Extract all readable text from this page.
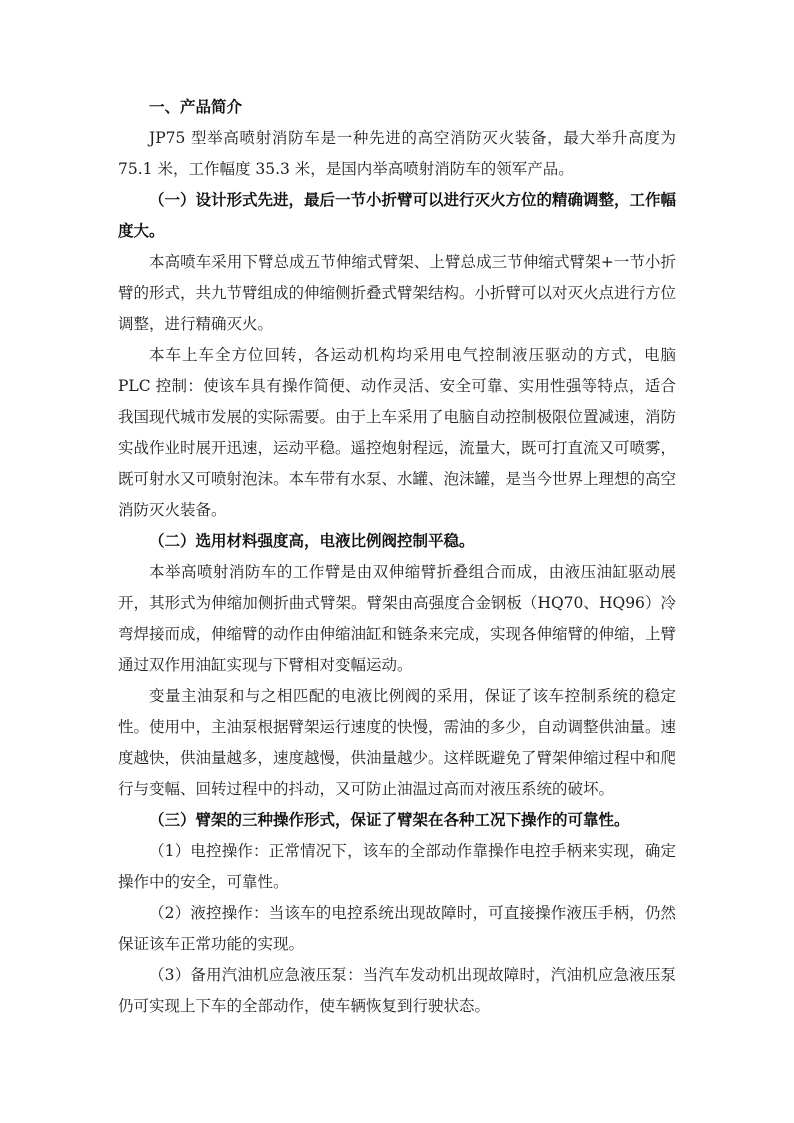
一、产品简介

JP75 型举高喷射消防车是一种先进的高空消防灭火装备，最大举升高度为 75.1 米，工作幅度 35.3 米，是国内举高喷射消防车的领军产品。

（一）设计形式先进，最后一节小折臂可以进行灭火方位的精确调整，工作幅度大。

本高喷车采用下臂总成五节伸缩式臂架、上臂总成三节伸缩式臂架+一节小折臂的形式，共九节臂组成的伸缩侧折叠式臂架结构。小折臂可以对灭火点进行方位调整，进行精确灭火。

本车上车全方位回转，各运动机构均采用电气控制液压驱动的方式，电脑 PLC 控制：使该车具有操作简便、动作灵活、安全可靠、实用性强等特点，适合我国现代城市发展的实际需要。由于上车采用了电脑自动控制极限位置减速，消防实战作业时展开迅速，运动平稳。遥控炮射程远，流量大，既可打直流又可喷雾，既可射水又可喷射泡沫。本车带有水泵、水罐、泡沫罐，是当今世界上理想的高空消防灭火装备。

（二）选用材料强度高，电液比例阀控制平稳。

本举高喷射消防车的工作臂是由双伸缩臂折叠组合而成，由液压油缸驱动展开，其形式为伸缩加侧折曲式臂架。臂架由高强度合金钢板（HQ70、HQ96）冷弯焊接而成，伸缩臂的动作由伸缩油缸和链条来完成，实现各伸缩臂的伸缩，上臂通过双作用油缸实现与下臂相对变幅运动。

变量主油泵和与之相匹配的电液比例阀的采用，保证了该车控制系统的稳定性。使用中，主油泵根据臂架运行速度的快慢，需油的多少，自动调整供油量。速度越快，供油量越多，速度越慢，供油量越少。这样既避免了臂架伸缩过程中和爬行与变幅、回转过程中的抖动，又可防止油温过高而对液压系统的破坏。

（三）臂架的三种操作形式，保证了臂架在各种工况下操作的可靠性。

（1）电控操作：正常情况下，该车的全部动作靠操作电控手柄来实现，确定操作中的安全，可靠性。

（2）液控操作：当该车的电控系统出现故障时，可直接操作液压手柄，仍然保证该车正常功能的实现。

（3）备用汽油机应急液压泵：当汽车发动机出现故障时，汽油机应急液压泵仍可实现上下车的全部动作，使车辆恢复到行驶状态。
